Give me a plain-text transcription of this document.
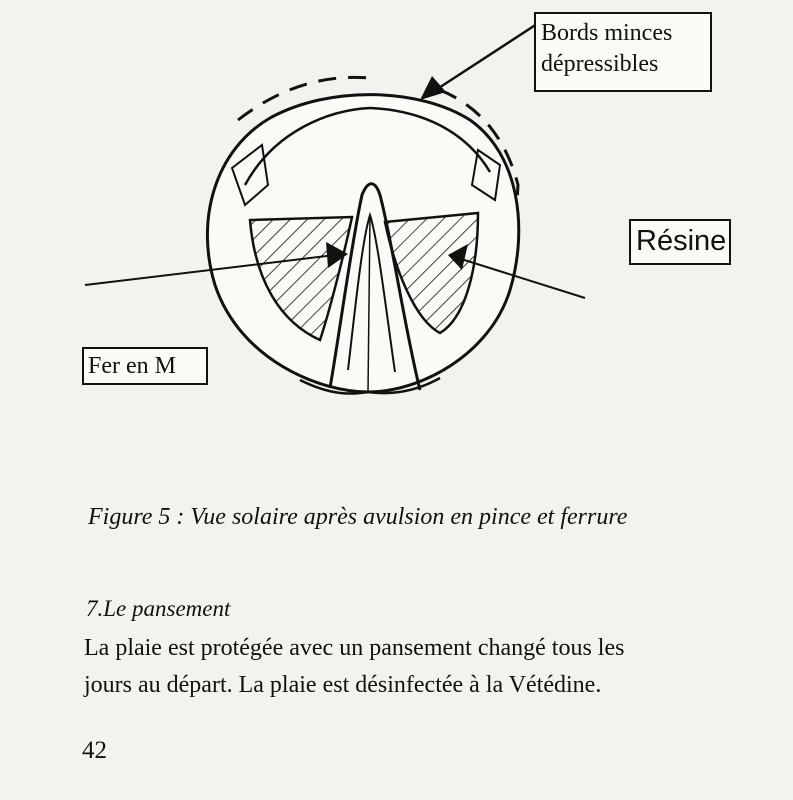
Bords minces
dépressibles
Résine
Fer en M
Figure 5 : Vue solaire après avulsion en pince et ferrure
7.Le pansement
La plaie est protégée avec un pansement changé tous les
jours au départ. La plaie est désinfectée à la Vétédine.
42
